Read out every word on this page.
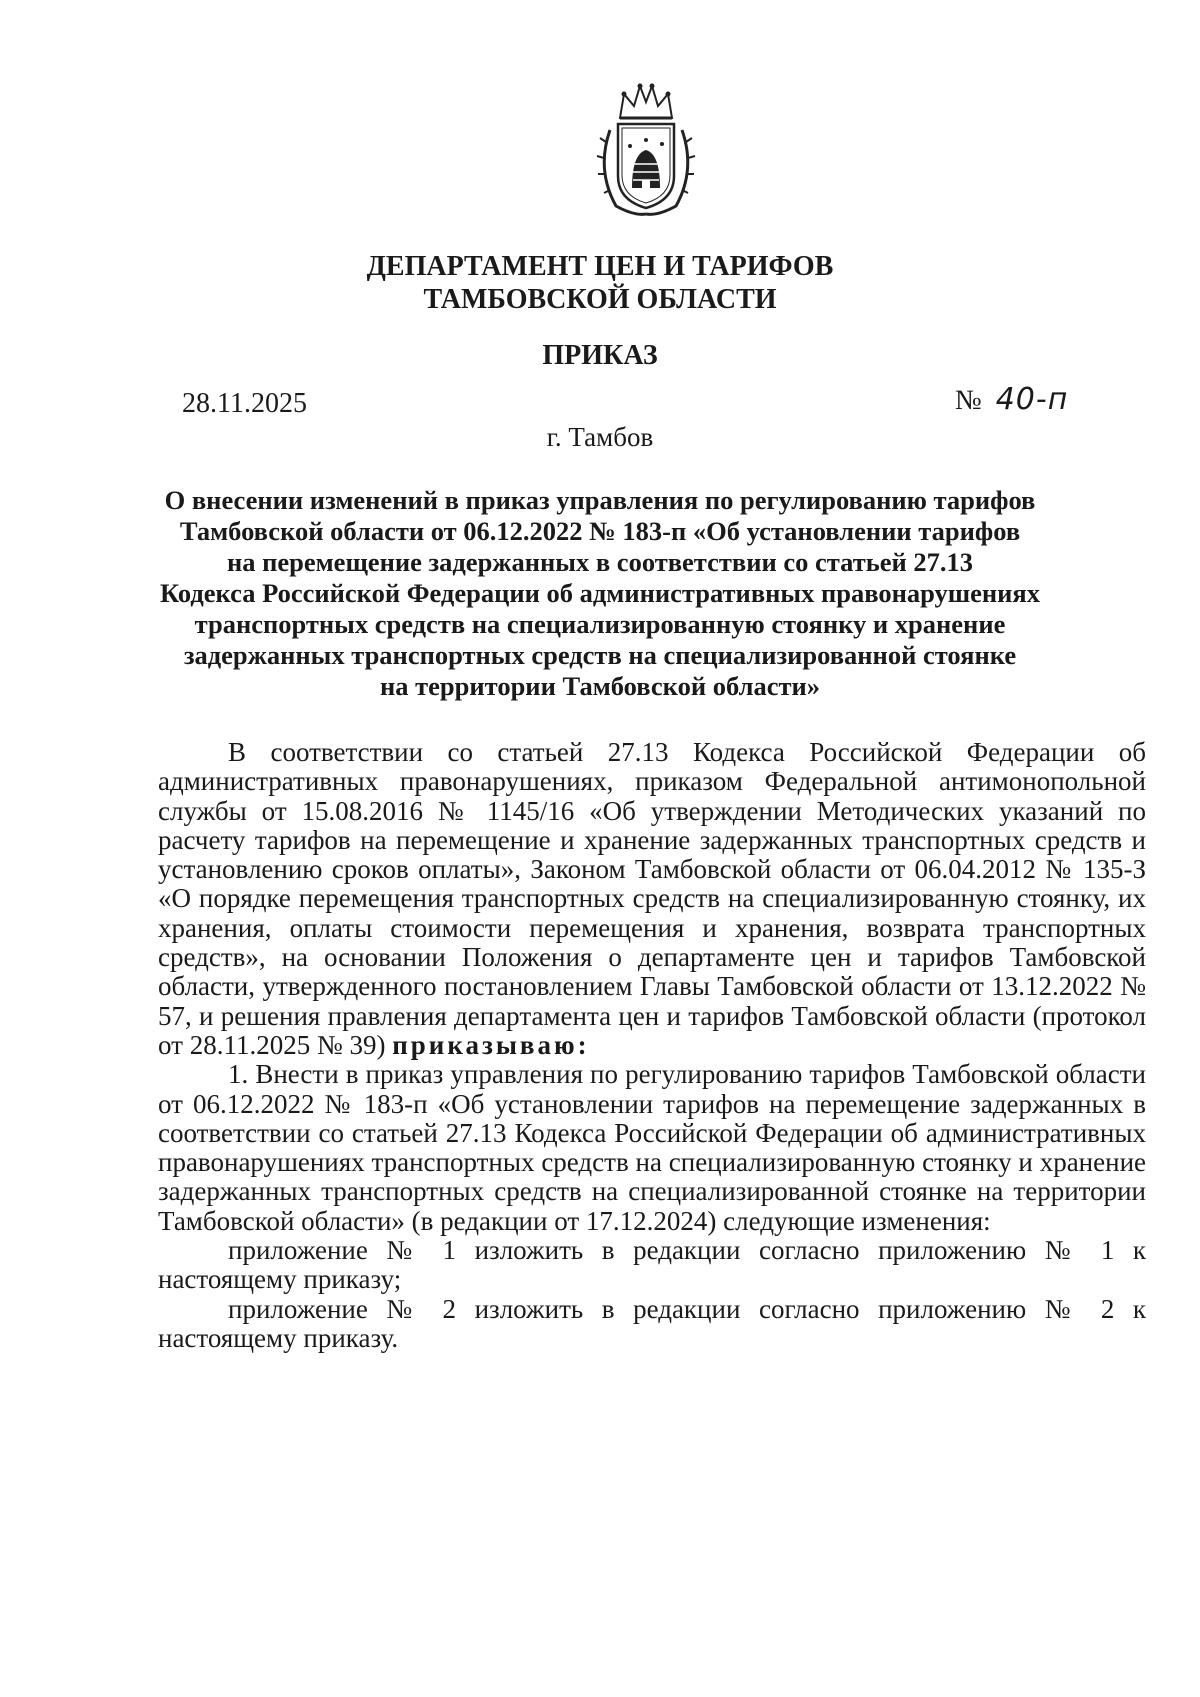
ДЕПАРТАМЕНТ ЦЕН И ТАРИФОВ
ТАМБОВСКОЙ ОБЛАСТИ
ПРИКАЗ
28.11.2025	№ 40-п
г. Тамбов
О внесении изменений в приказ управления по регулированию тарифов
Тамбовской области от 06.12.2022 № 183-п «Об установлении тарифов
на перемещение задержанных в соответствии со статьей 27.13
Кодекса Российской Федерации об административных правонарушениях
транспортных средств на специализированную стоянку и хранение
задержанных транспортных средств на специализированной стоянке
на территории Тамбовской области»

В соответствии со статьей 27.13 Кодекса Российской Федерации об административных правонарушениях, приказом Федеральной антимонопольной службы от 15.08.2016 № 1145/16 «Об утверждении Методических указаний по расчету тарифов на перемещение и хранение задержанных транспортных средств и установлению сроков оплаты», Законом Тамбовской области от 06.04.2012 № 135-З «О порядке перемещения транспортных средств на специализированную стоянку, их хранения, оплаты стоимости перемещения и хранения, возврата транспортных средств», на основании Положения о департаменте цен и тарифов Тамбовской области, утвержденного постановлением Главы Тамбовской области от 13.12.2022 № 57, и решения правления департамента цен и тарифов Тамбовской области (протокол от 28.11.2025 № 39) приказываю:

1. Внести в приказ управления по регулированию тарифов Тамбовской области от 06.12.2022 № 183-п «Об установлении тарифов на перемещение задержанных в соответствии со статьей 27.13 Кодекса Российской Федерации об административных правонарушениях транспортных средств на специализированную стоянку и хранение задержанных транспортных средств на специализированной стоянке на территории Тамбовской области» (в редакции от 17.12.2024) следующие изменения:

приложение № 1 изложить в редакции согласно приложению № 1 к настоящему приказу;

приложение № 2 изложить в редакции согласно приложению № 2 к настоящему приказу.
